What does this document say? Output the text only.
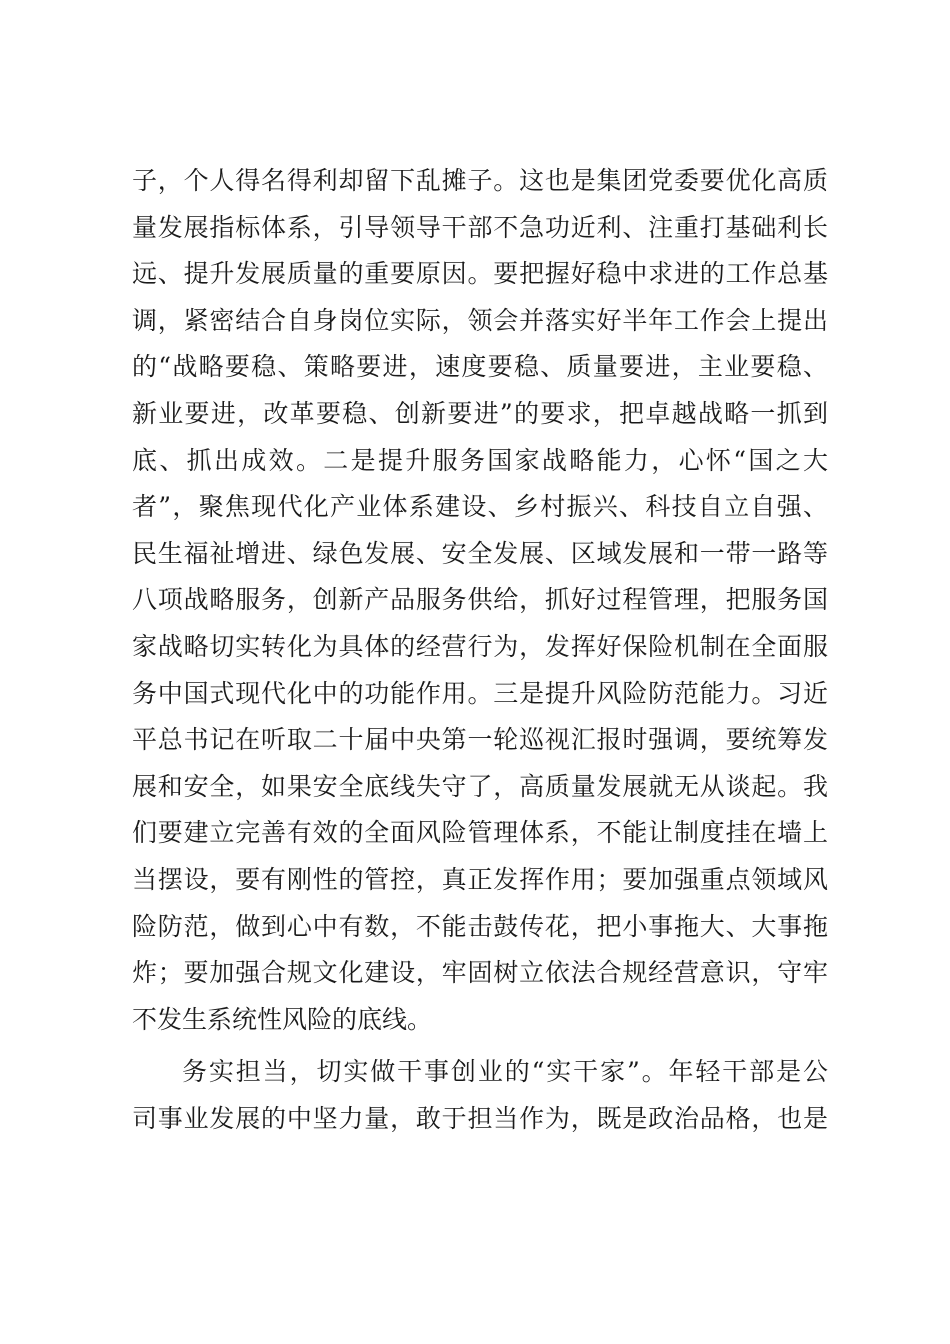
子，个人得名得利却留下乱摊子。这也是集团党委要优化高质
量发展指标体系，引导领导干部不急功近利、注重打基础利长
远、提升发展质量的重要原因。要把握好稳中求进的工作总基
调，紧密结合自身岗位实际，领会并落实好半年工作会上提出
的“战略要稳、策略要进，速度要稳、质量要进，主业要稳、
新业要进，改革要稳、创新要进”的要求，把卓越战略一抓到
底、抓出成效。二是提升服务国家战略能力，心怀“国之大
者”，聚焦现代化产业体系建设、乡村振兴、科技自立自强、
民生福祉增进、绿色发展、安全发展、区域发展和一带一路等
八项战略服务，创新产品服务供给，抓好过程管理，把服务国
家战略切实转化为具体的经营行为，发挥好保险机制在全面服
务中国式现代化中的功能作用。三是提升风险防范能力。习近
平总书记在听取二十届中央第一轮巡视汇报时强调，要统筹发
展和安全，如果安全底线失守了，高质量发展就无从谈起。我
们要建立完善有效的全面风险管理体系，不能让制度挂在墙上
当摆设，要有刚性的管控，真正发挥作用；要加强重点领域风
险防范，做到心中有数，不能击鼓传花，把小事拖大、大事拖
炸；要加强合规文化建设，牢固树立依法合规经营意识，守牢
不发生系统性风险的底线。
务实担当，切实做干事创业的“实干家”。年轻干部是公
司事业发展的中坚力量，敢于担当作为，既是政治品格，也是
